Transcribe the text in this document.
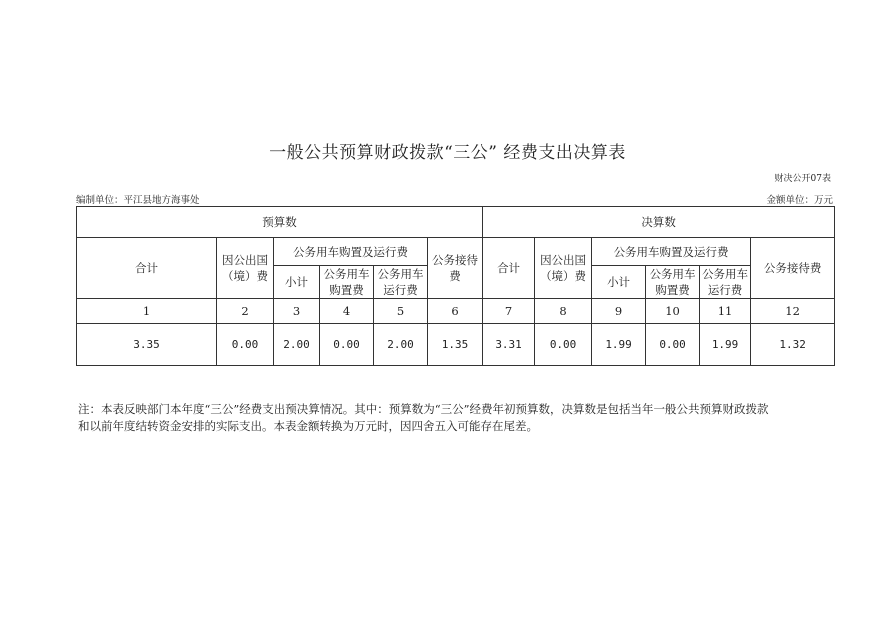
一般公共预算财政拨款“三公” 经费支出决算表
财决公开07表
编制单位：平江县地方海事处	金额单位：万元
预算数						决算数					
合计	因公出国（境）费	公务用车购置及运行费			公务接待费	合计	因公出国（境）费	公务用车购置及运行费			公务接待费
		小计	公务用车购置费	公务用车运行费				小计	公务用车购置费	公务用车运行费	
1	2	3	4	5	6	7	8	9	10	11	12
3.35	0.00	2.00	0.00	2.00	1.35	3.31	0.00	1.99	0.00	1.99	1.32
注：本表反映部门本年度“三公”经费支出预决算情况。其中：预算数为“三公”经费年初预算数，决算数是包括当年一般公共预算财政拨款和以前年度结转资金安排的实际支出。本表金额转换为万元时，因四舍五入可能存在尾差。
